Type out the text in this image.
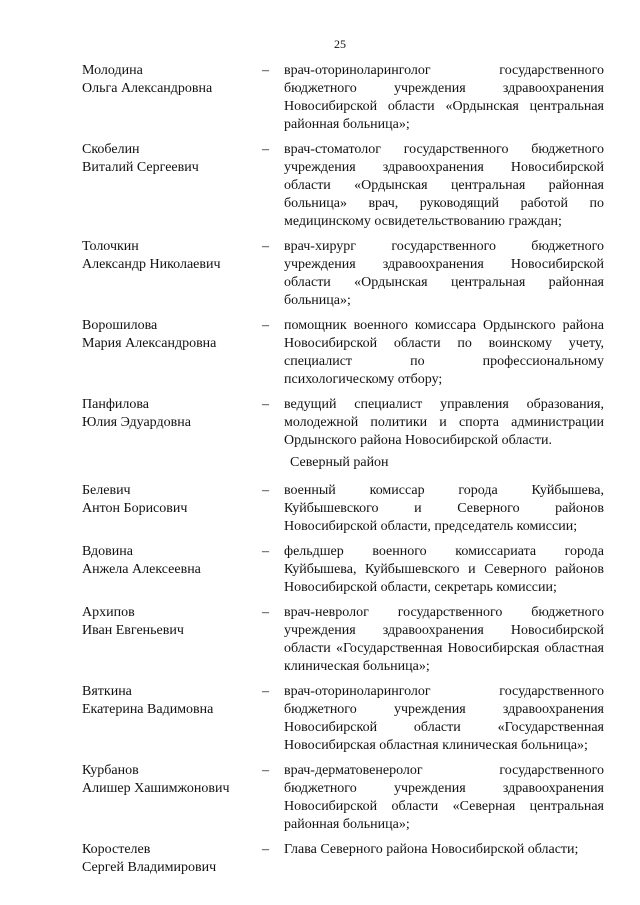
25
Молодина
Ольга Александровна
–	врач-оториноларинголог государственного бюджетного учреждения здравоохранения Новосибирской области «Ордынская центральная районная больница»;
Скобелин
Виталий Сергеевич
–	врач-стоматолог государственного бюджетного учреждения здравоохранения Новосибирской области «Ордынская центральная районная больница» врач, руководящий работой по медицинскому освидетельствованию граждан;
Толочкин
Александр Николаевич
–	врач-хирург государственного бюджетного учреждения здравоохранения Новосибирской области «Ордынская центральная районная больница»;
Ворошилова
Мария Александровна
–	помощник военного комиссара Ордынского района Новосибирской области по воинскому учету, специалист по профессиональному психологическому отбору;
Панфилова
Юлия Эдуардовна
–	ведущий специалист управления образования, молодежной политики и спорта администрации Ордынского района Новосибирской области.
Северный район
Белевич
Антон Борисович
–	военный комиссар города Куйбышева, Куйбышевского и Северного районов Новосибирской области, председатель комиссии;
Вдовина
Анжела Алексеевна
–	фельдшер военного комиссариата города Куйбышева, Куйбышевского и Северного районов Новосибирской области, секретарь комиссии;
Архипов
Иван Евгеньевич
–	врач-невролог государственного бюджетного учреждения здравоохранения Новосибирской области «Государственная Новосибирская областная клиническая больница»;
Вяткина
Екатерина Вадимовна
–	врач-оториноларинголог государственного бюджетного учреждения здравоохранения Новосибирской области «Государственная Новосибирская областная клиническая больница»;
Курбанов
Алишер Хашимжонович
–	врач-дерматовенеролог государственного бюджетного учреждения здравоохранения Новосибирской области «Северная центральная районная больница»;
Коростелев
Сергей Владимирович
–	Глава Северного района Новосибирской области;
